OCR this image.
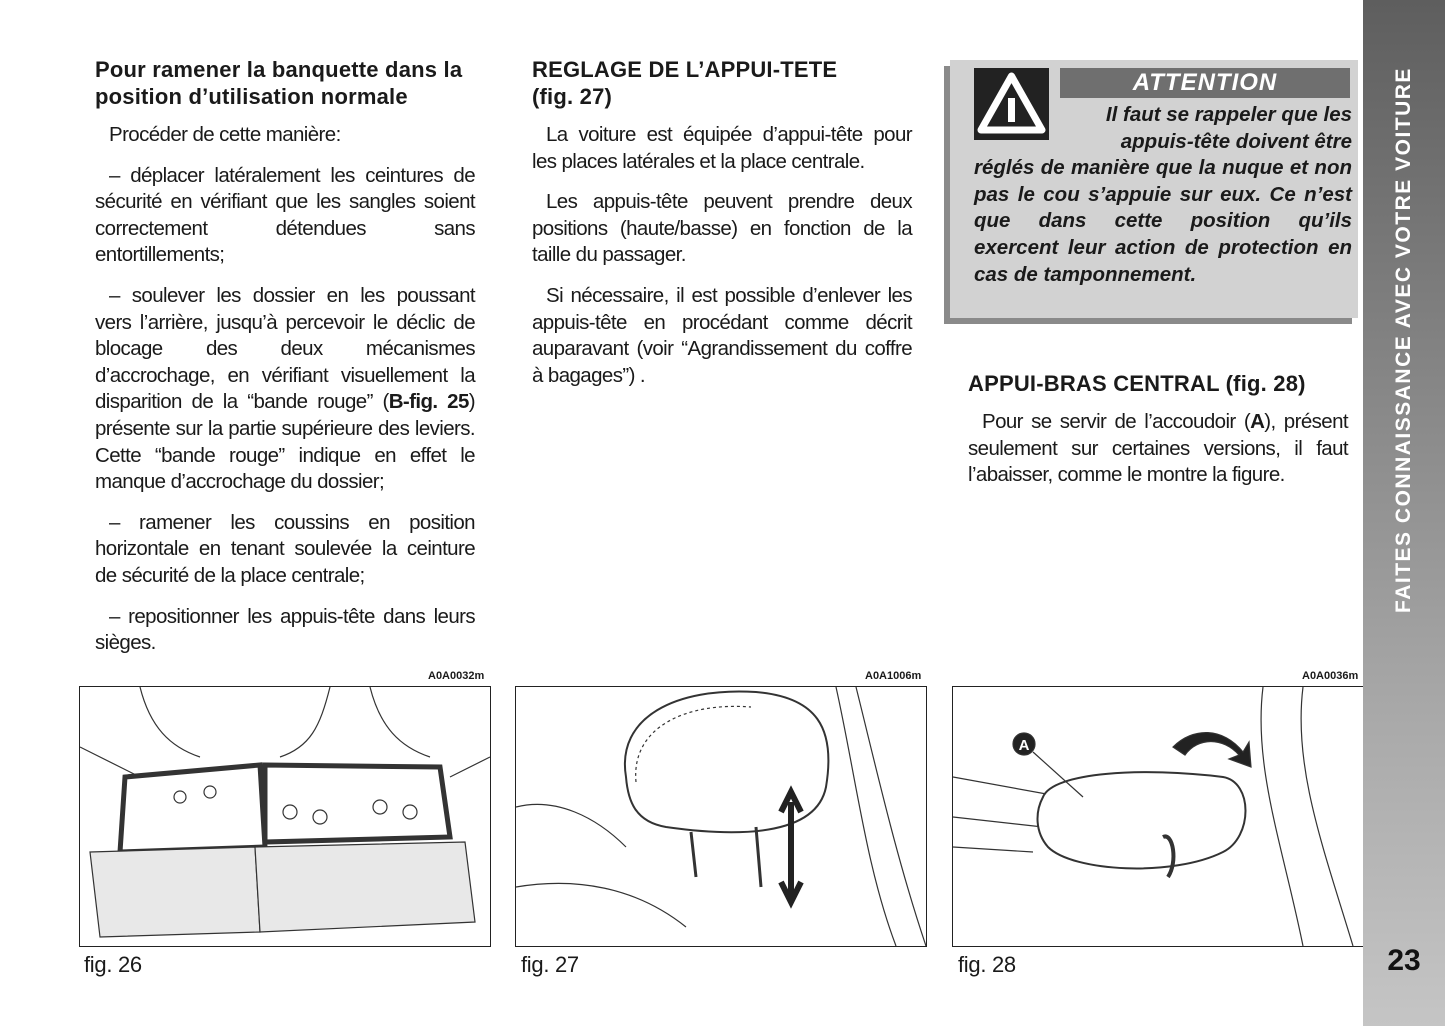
Pour ramener la banquette dans la position d’utilisation normale

Procéder de cette manière:

– déplacer latéralement les ceintures de sécurité en vérifiant que les sangles soient correctement détendues sans entortillements;

– soulever les dossier en les poussant vers l’arrière, jusqu’à percevoir le déclic de blocage des deux mécanismes d’accrochage, en vérifiant visuellement la disparition de la “bande rouge” (B-fig. 25) présente sur la partie supérieure des leviers. Cette “bande rouge” indique en effet le manque d’accrochage du dossier;

– ramener les coussins en position horizontale en tenant soulevée la ceinture de sécurité de la place centrale;

– repositionner les appuis-tête dans leurs sièges.

REGLAGE DE L’APPUI-TETE
(fig. 27)

La voiture est équipée d’appui-tête pour les places latérales et la place centrale.

Les appuis-tête peuvent prendre deux positions (haute/basse) en fonction de la taille du passager.

Si nécessaire, il est possible d’enlever les appuis-tête en procédant comme décrit auparavant (voir “Agrandissement du coffre à bagages”) .

ATTENTION
Il faut se rappeler que les appuis-tête doivent être
réglés de manière que la nuque et non pas le cou s’appuie sur eux. Ce n’est que dans cette position qu’ils exercent leur action de protection en cas de tamponnement.
APPUI-BRAS CENTRAL (fig. 28)

Pour se servir de l’accoudoir (A), présent seulement sur certaines versions, il faut l’abaisser, comme le montre la figure.

A0A0032m
fig. 26
A0A1006m
fig. 27
A0A0036m
A
fig. 28
FAITES CONNAISSANCE AVEC VOTRE VOITURE
23
